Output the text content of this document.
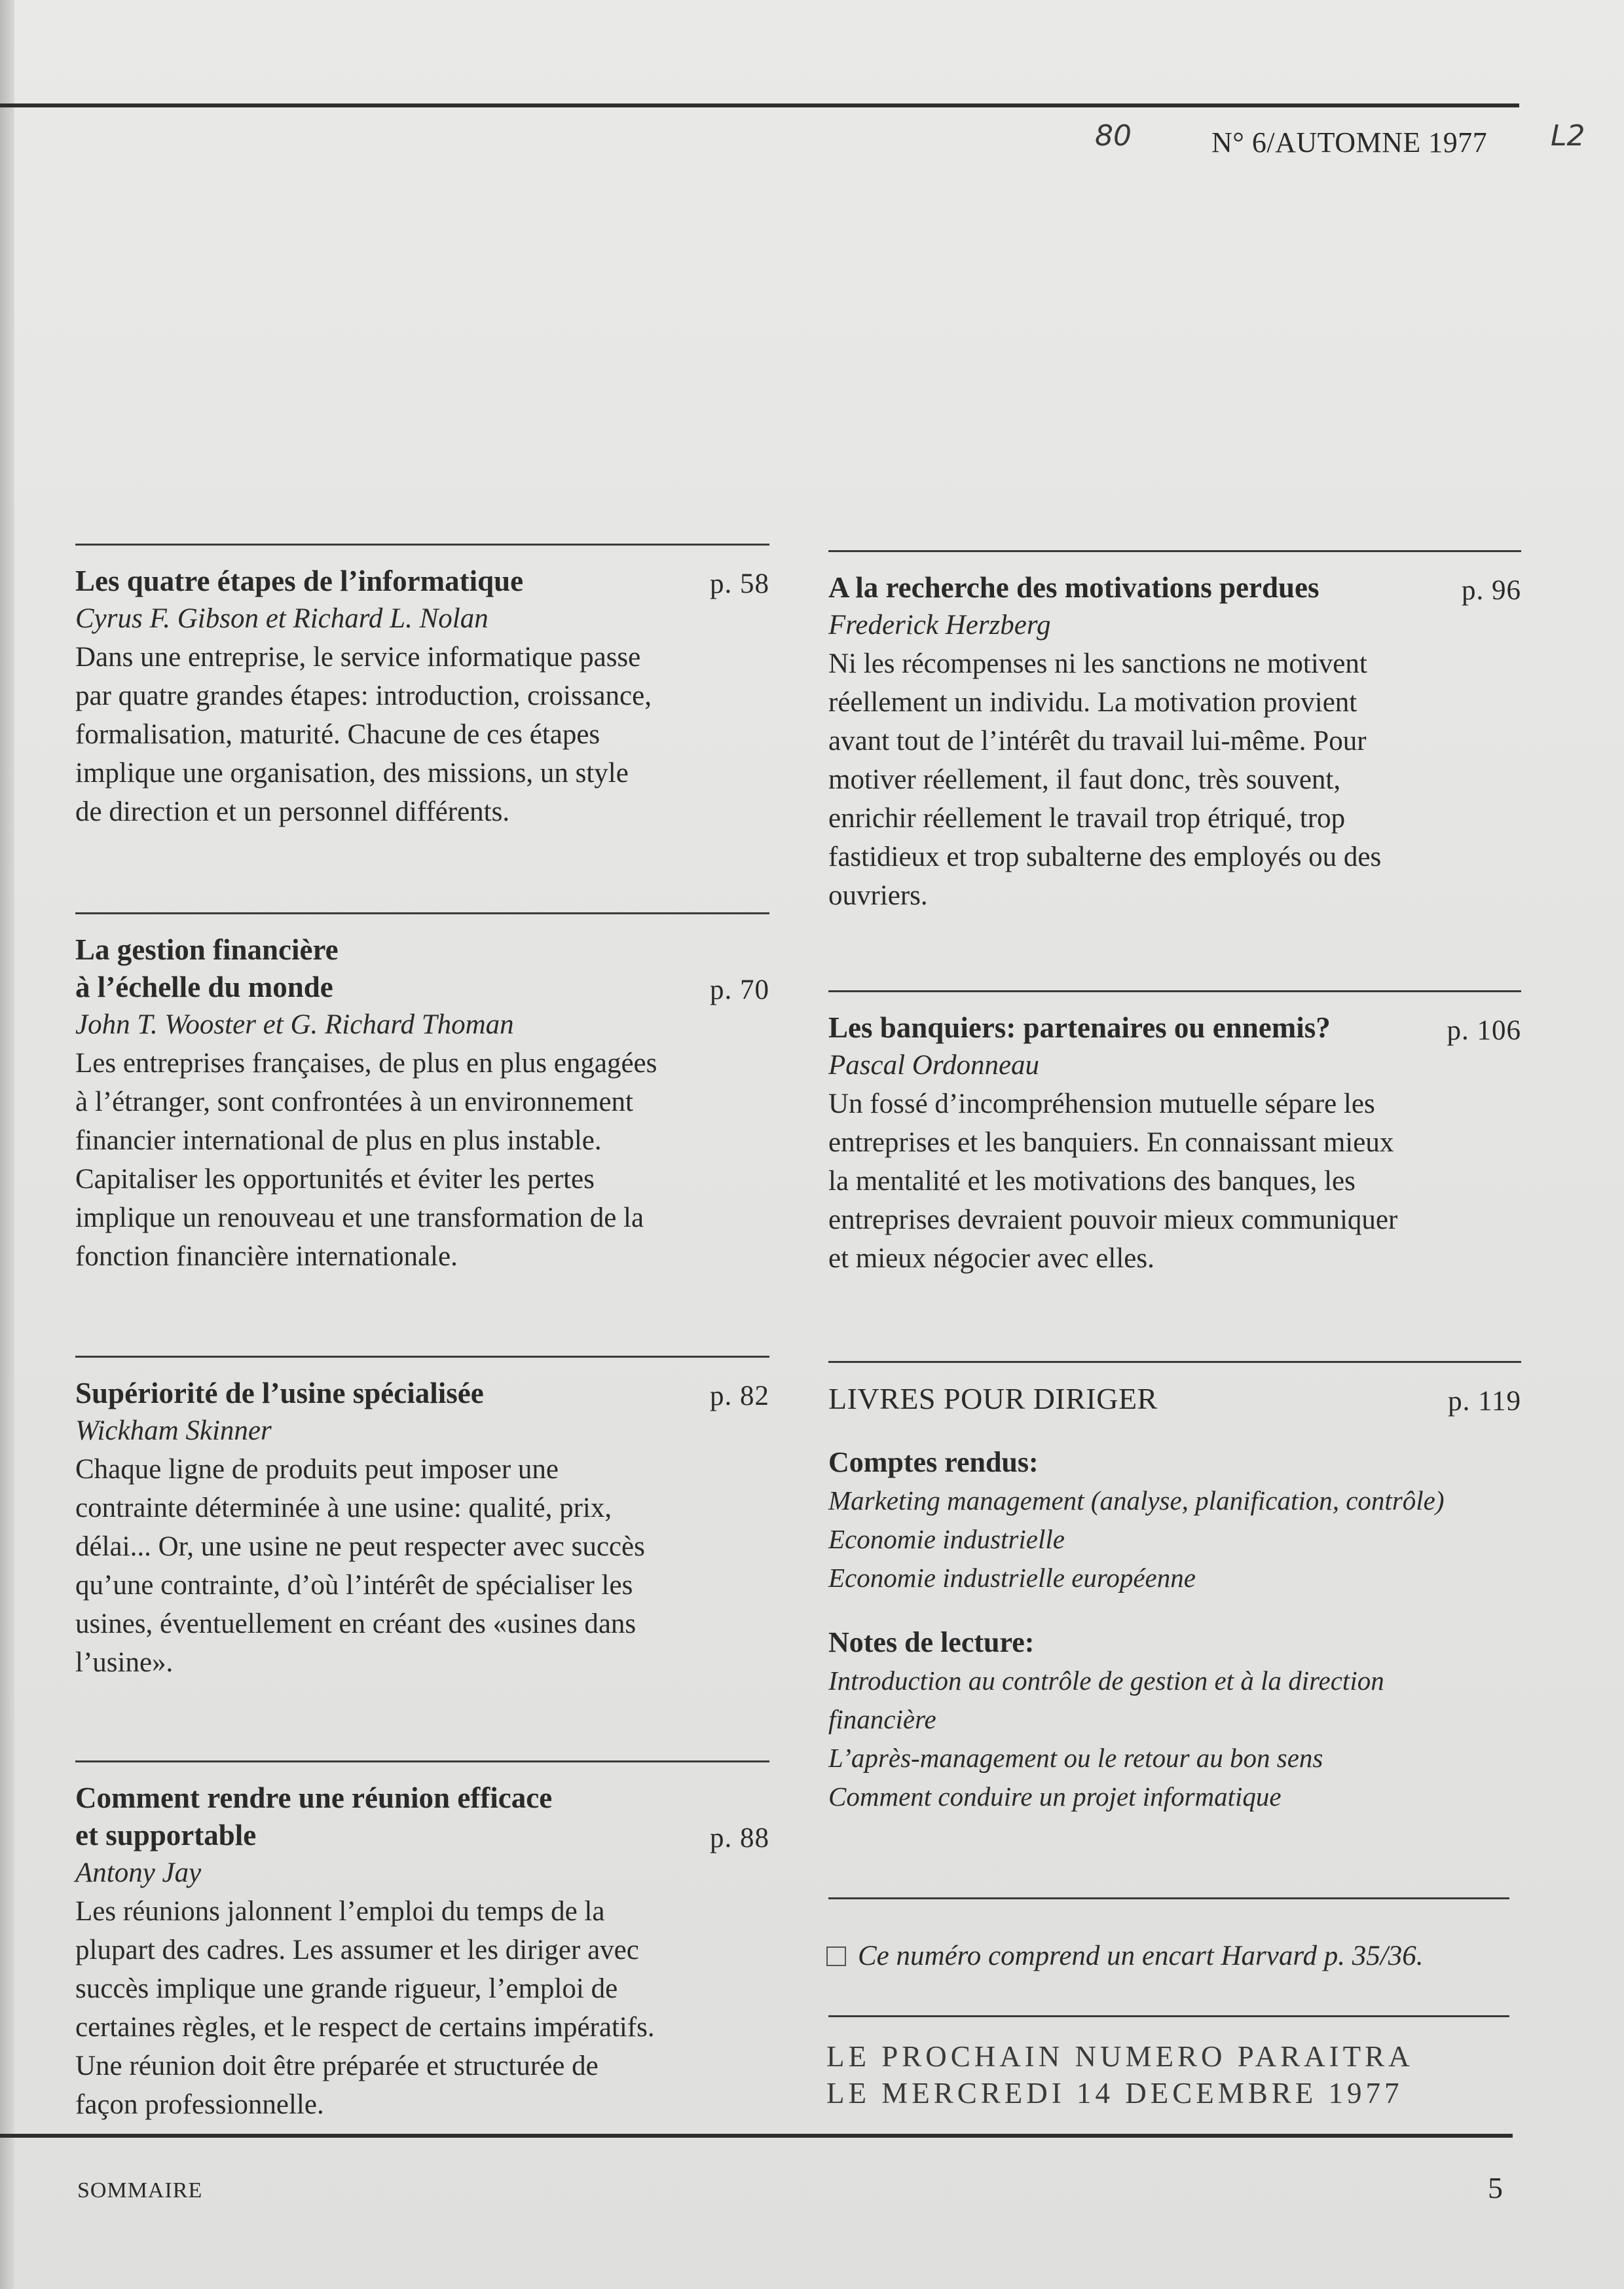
80	N° 6/AUTOMNE 1977 L2
Les quatre étapes de l’informatique	p. 58
Cyrus F. Gibson et Richard L. Nolan
Dans une entreprise, le service informatique passe
par quatre grandes étapes: introduction, croissance,
formalisation, maturité. Chacune de ces étapes
implique une organisation, des missions, un style
de direction et un personnel différents.
La gestion financière
à l’échelle du monde	p. 70
John T. Wooster et G. Richard Thoman
Les entreprises françaises, de plus en plus engagées
à l’étranger, sont confrontées à un environnement
financier international de plus en plus instable.
Capitaliser les opportunités et éviter les pertes
implique un renouveau et une transformation de la
fonction financière internationale.
Supériorité de l’usine spécialisée	p. 82
Wickham Skinner
Chaque ligne de produits peut imposer une
contrainte déterminée à une usine: qualité, prix,
délai... Or, une usine ne peut respecter avec succès
qu’une contrainte, d’où l’intérêt de spécialiser les
usines, éventuellement en créant des «usines dans
l’usine».
Comment rendre une réunion efficace
et supportable	p. 88
Antony Jay
Les réunions jalonnent l’emploi du temps de la
plupart des cadres. Les assumer et les diriger avec
succès implique une grande rigueur, l’emploi de
certaines règles, et le respect de certains impératifs.
Une réunion doit être préparée et structurée de
façon professionnelle.
A la recherche des motivations perdues	p. 96
Frederick Herzberg
Ni les récompenses ni les sanctions ne motivent
réellement un individu. La motivation provient
avant tout de l’intérêt du travail lui-même. Pour
motiver réellement, il faut donc, très souvent,
enrichir réellement le travail trop étriqué, trop
fastidieux et trop subalterne des employés ou des
ouvriers.
Les banquiers: partenaires ou ennemis?	p. 106
Pascal Ordonneau
Un fossé d’incompréhension mutuelle sépare les
entreprises et les banquiers. En connaissant mieux
la mentalité et les motivations des banques, les
entreprises devraient pouvoir mieux communiquer
et mieux négocier avec elles.
LIVRES POUR DIRIGER	p. 119
Comptes rendus:
Marketing management (analyse, planification, contrôle)
Economie industrielle
Economie industrielle européenne
Notes de lecture:
Introduction au contrôle de gestion et à la direction
financière
L’après-management ou le retour au bon sens
Comment conduire un projet informatique
Ce numéro comprend un encart Harvard p. 35/36.
LE PROCHAIN NUMERO PARAITRA
LE MERCREDI 14 DECEMBRE 1977
SOMMAIRE	5
